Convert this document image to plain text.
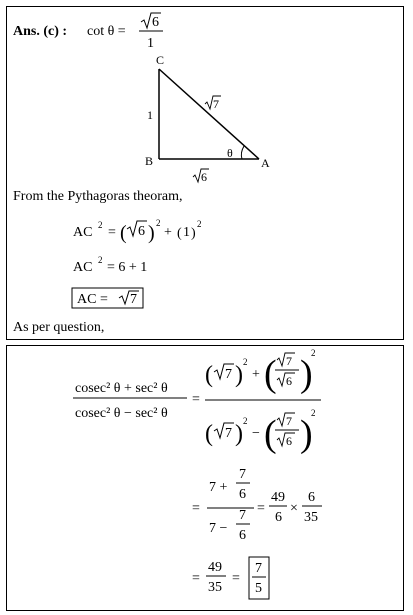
Ans. (c) : cot θ =
6
1
C
B	A
1
θ
7
6
From the Pythagoras theoram,
AC 2 = ( 6 ) 2
+ ( 1 )
2
AC 2 = 6 + 1
AC = 7
As per question,
cosec² θ + sec² θ
cosec² θ − sec² θ
=
( 7 ) 2
+ ( 7
6 )
2
( 7 ) 2
− ( 7
6 )
2
=
7 +
7
6
7 −
7
6
=
49
6
×
6
35
=
49
35
=
7
5
